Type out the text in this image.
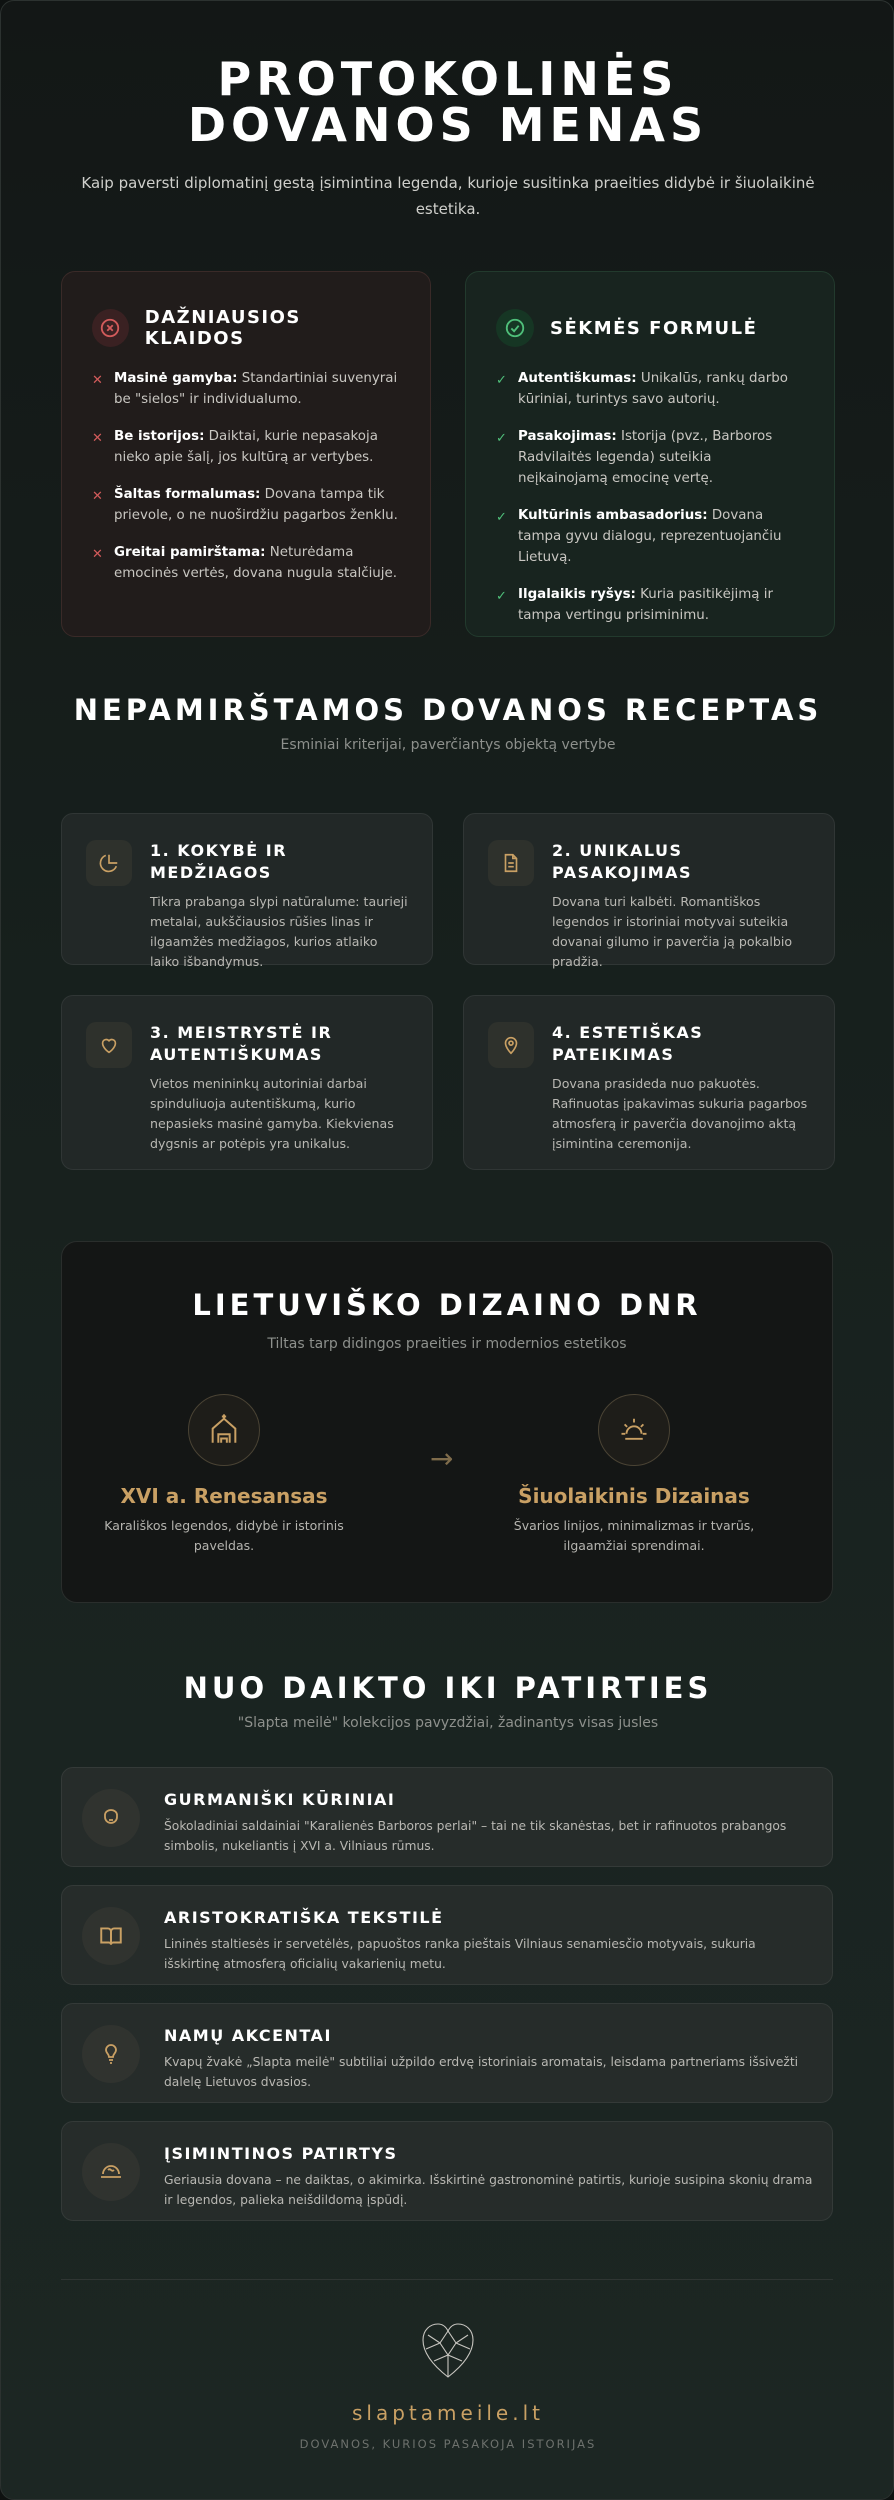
PROTOKOLINĖS DOVANOS MENAS

Kaip paversti diplomatinį gestą įsimintina legenda, kurioje susitinka praeities didybė ir šiuolaikinė estetika.

DAŽNIAUSIOS KLAIDOS
✕ Masinė gamyba: Standartiniai suvenyrai be "sielos" ir individualumo.
✕ Be istorijos: Daiktai, kurie nepasakoja nieko apie šalį, jos kultūrą ar vertybes.
✕ Šaltas formalumas: Dovana tampa tik prievole, o ne nuoširdžiu pagarbos ženklu.
✕ Greitai pamirštama: Neturėdama emocinės vertės, dovana nugula stalčiuje.
SĖKMĖS FORMULĖ
✓ Autentiškumas: Unikalūs, rankų darbo kūriniai, turintys savo autorių.
✓ Pasakojimas: Istorija (pvz., Barboros Radvilaitės legenda) suteikia neįkainojamą emocinę vertę.
✓ Kultūrinis ambasadorius: Dovana tampa gyvu dialogu, reprezentuojančiu Lietuvą.
✓ Ilgalaikis ryšys: Kuria pasitikėjimą ir tampa vertingu prisiminimu.
NEPAMIRŠTAMOS DOVANOS RECEPTAS

Esminiai kriterijai, paverčiantys objektą vertybe

1. KOKYBĖ IR MEDŽIAGOS

Tikra prabanga slypi natūralume: taurieji metalai, aukščiausios rūšies linas ir ilgaamžės medžiagos, kurios atlaiko laiko išbandymus.

2. UNIKALUS PASAKOJIMAS

Dovana turi kalbėti. Romantiškos legendos ir istoriniai motyvai suteikia dovanai gilumo ir paverčia ją pokalbio pradžia.

3. MEISTRYSTĖ IR AUTENTIŠKUMAS

Vietos menininkų autoriniai darbai spinduliuoja autentiškumą, kurio nepasieks masinė gamyba. Kiekvienas dygsnis ar potėpis yra unikalus.

4. ESTETIŠKAS PATEIKIMAS

Dovana prasideda nuo pakuotės. Rafinuotas įpakavimas sukuria pagarbos atmosferą ir paverčia dovanojimo aktą įsimintina ceremonija.

LIETUVIŠKO DIZAINO DNR
Tiltas tarp didingos praeities ir modernios estetikos
XVI a. Renesansas

Karališkos legendos, didybė ir istorinis paveldas.

→
Šiuolaikinis Dizainas

Švarios linijos, minimalizmas ir tvarūs, ilgaamžiai sprendimai.

NUO DAIKTO IKI PATIRTIES

"Slapta meilė" kolekcijos pavyzdžiai, žadinantys visas jusles

GURMANIŠKI KŪRINIAI

Šokoladiniai saldainiai "Karalienės Barboros perlai" – tai ne tik skanėstas, bet ir rafinuotos prabangos simbolis, nukeliantis į XVI a. Vilniaus rūmus.

ARISTOKRATIŠKA TEKSTILĖ

Lininės staltiesės ir servetėlės, papuoštos ranka pieštais Vilniaus senamiesčio motyvais, sukuria išskirtinę atmosferą oficialių vakarienių metu.

NAMŲ AKCENTAI

Kvapų žvakė „Slapta meilė" subtiliai užpildo erdvę istoriniais aromatais, leisdama partneriams išsivežti dalelę Lietuvos dvasios.

ĮSIMINTINOS PATIRTYS

Geriausia dovana – ne daiktas, o akimirka. Išskirtinė gastronominė patirtis, kurioje susipina skonių drama ir legendos, palieka neišdildomą įspūdį.

slaptameile.lt
DOVANOS, KURIOS PASAKOJA ISTORIJAS
